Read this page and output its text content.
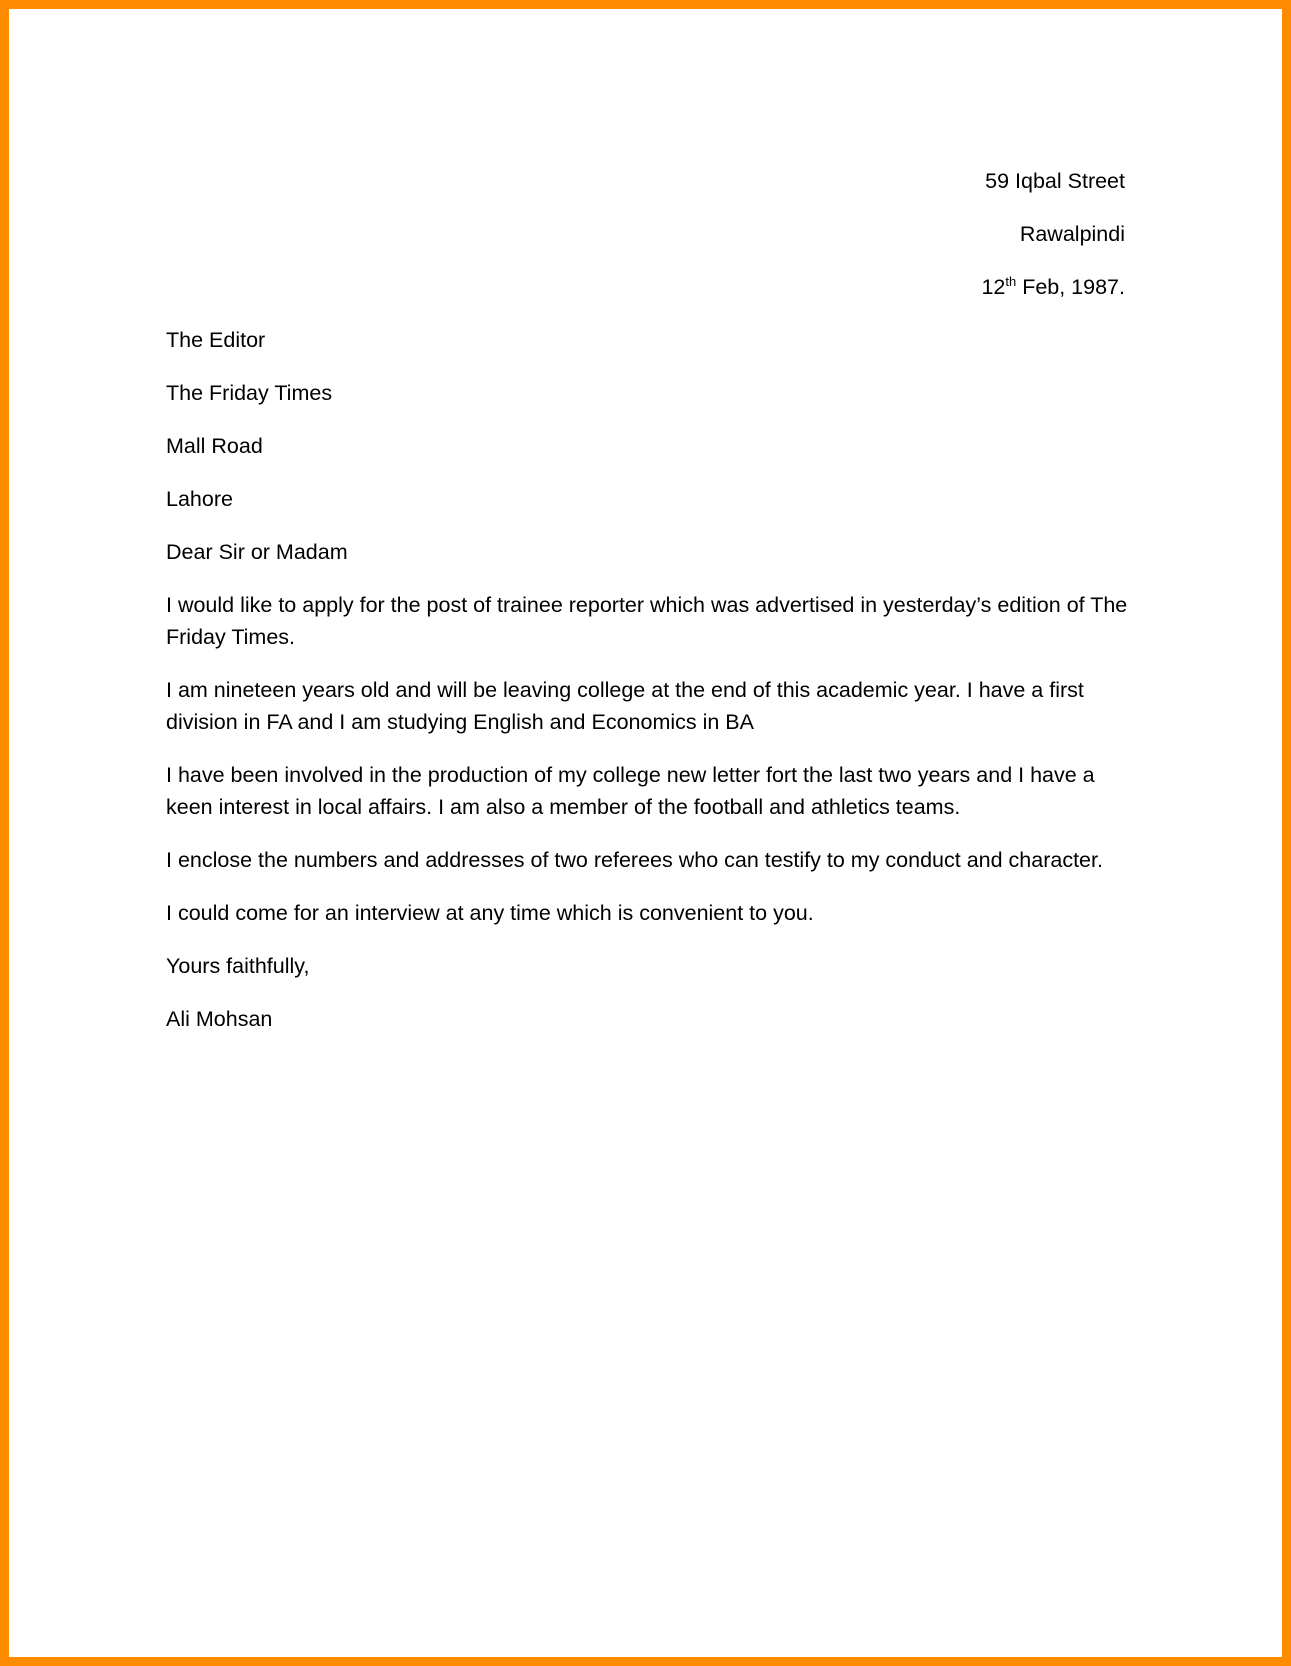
59 Iqbal Street
Rawalpindi
12th Feb, 1987.
The Editor
The Friday Times
Mall Road
Lahore
Dear Sir or Madam

I would like to apply for the post of trainee reporter which was advertised in yesterday’s edition of The Friday Times.

I am nineteen years old and will be leaving college at the end of this academic year. I have a first division in FA and I am studying English and Economics in BA

I have been involved in the production of my college new letter fort the last two years and I have a keen interest in local affairs. I am also a member of the football and athletics teams.

I enclose the numbers and addresses of two referees who can testify to my conduct and character.

I could come for an interview at any time which is convenient to you.

Yours faithfully,
Ali Mohsan
